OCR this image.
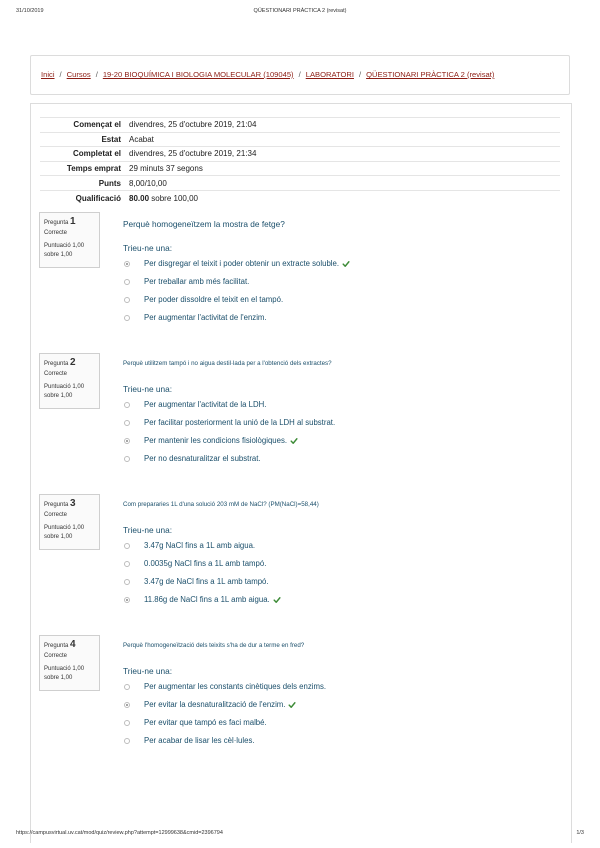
31/10/2019	QÜESTIONARI PRÀCTICA 2 (revisat)
Inici / Cursos / 19-20 BIOQUÍMICA I BIOLOGIA MOLECULAR (109045) / LABORATORI / QÜESTIONARI PRÀCTICA 2 (revisat)
Començat el	divendres, 25 d'octubre 2019, 21:04
Estat	Acabat
Completat el	divendres, 25 d'octubre 2019, 21:34
Temps emprat	29 minuts 37 segons
Punts	8,00/10,00
Qualificació	80.00 sobre 100,00
Pregunta 1
Correcte
Puntuació 1,00 sobre 1,00
Perquè homogeneïtzem la mostra de fetge?
Trieu-ne una:
Per disgregar el teixit i poder obtenir un extracte soluble.
Per treballar amb més facilitat.
Per poder dissoldre el teixit en el tampó.
Per augmentar l'activitat de l'enzim.
Pregunta 2
Correcte
Puntuació 1,00 sobre 1,00
Perquè utilitzem tampó i no aigua destil·lada per a l'obtenció dels extractes?
Trieu-ne una:
Per augmentar l'activitat de la LDH.
Per facilitar posteriorment la unió de la LDH al substrat.
Per mantenir les condicions fisiològiques.
Per no desnaturalitzar el substrat.
Pregunta 3
Correcte
Puntuació 1,00 sobre 1,00
Com prepararies 1L d'una solució 203 mM de NaCl? (PM(NaCl)=58,44)
Trieu-ne una:
3.47g NaCl fins a 1L amb aigua.
0.0035g NaCl fins a 1L amb tampó.
3.47g de NaCl fins a 1L amb tampó.
11.86g de NaCl fins a 1L amb aigua.
Pregunta 4
Correcte
Puntuació 1,00 sobre 1,00
Perquè l'homogeneïtzació dels teixits s'ha de dur a terme en fred?
Trieu-ne una:
Per augmentar les constants cinètiques dels enzims.
Per evitar la desnaturalització de l'enzim.
Per evitar que tampó es faci malbé.
Per acabar de lisar les cèl·lules.
https://campusvirtual.uv.cat/mod/quiz/review.php?attempt=12999638&cmid=2396794	1/3
